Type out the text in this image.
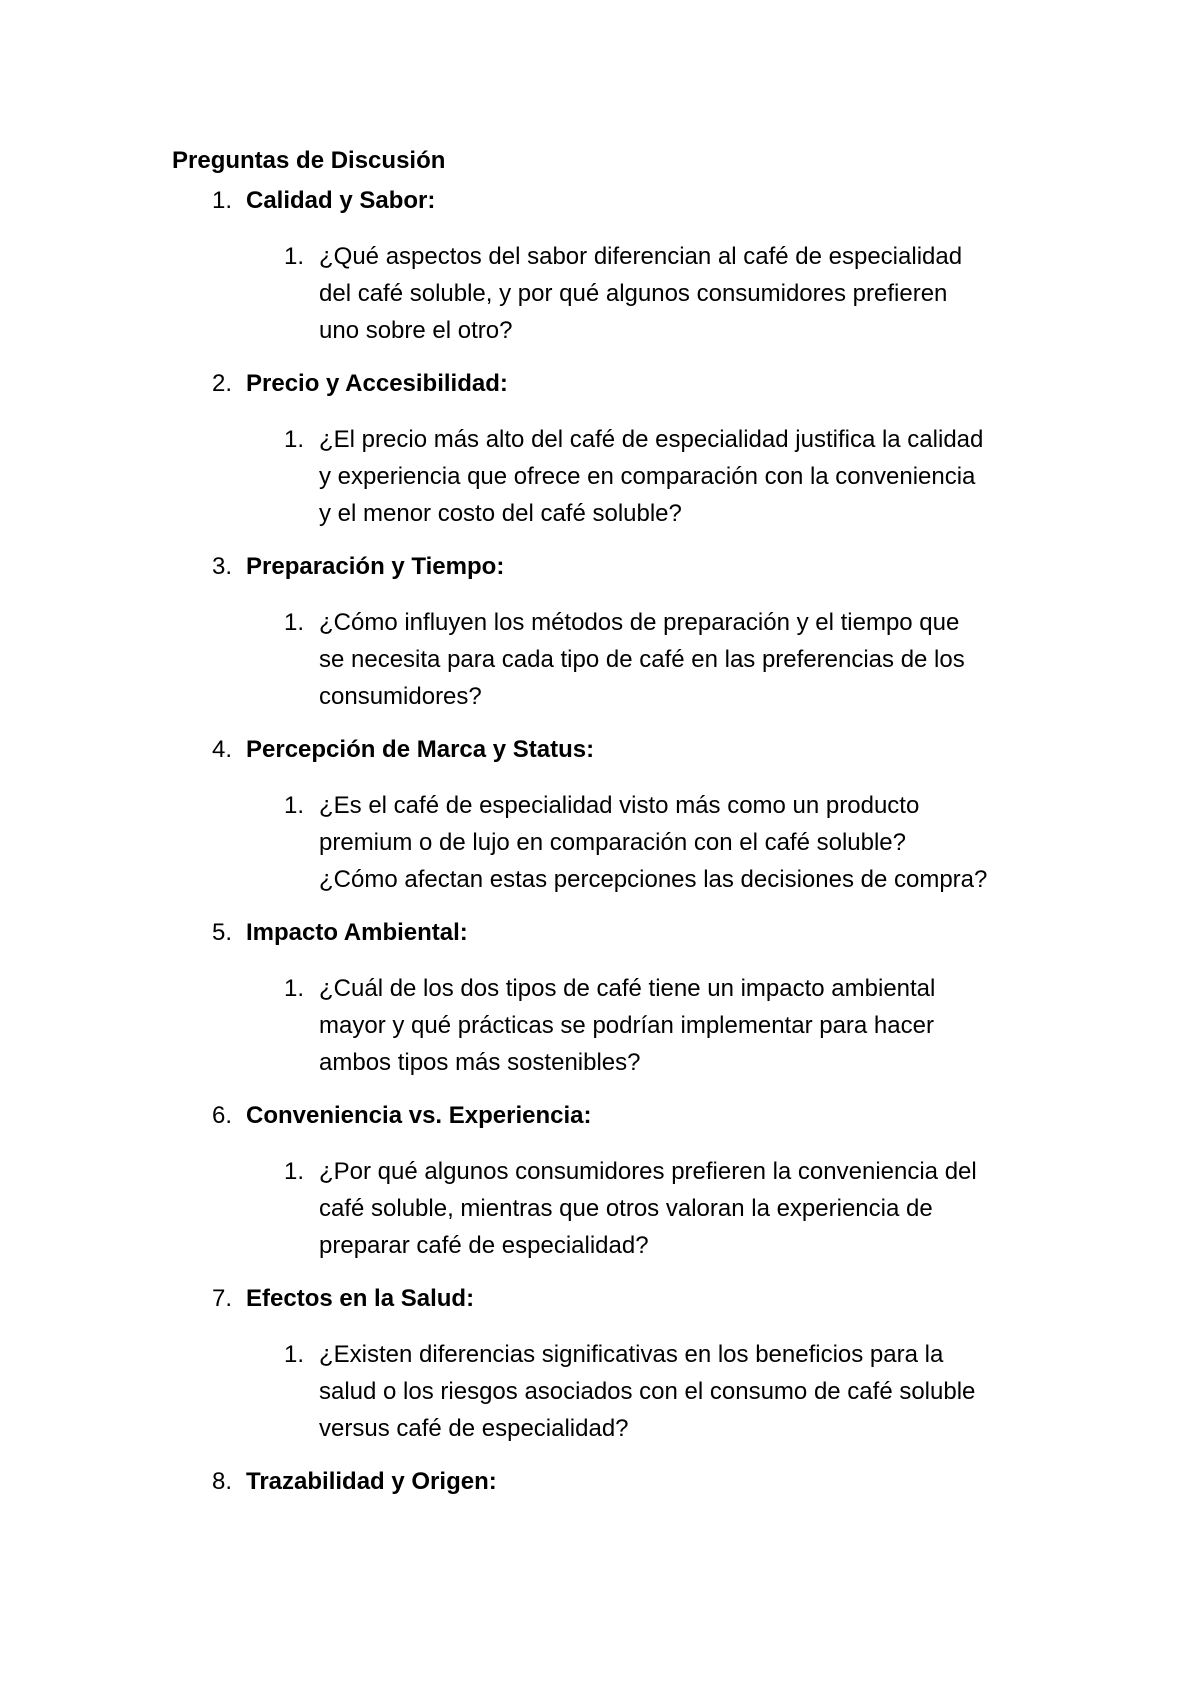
Preguntas de Discusión
1. Calidad y Sabor:
1. ¿Qué aspectos del sabor diferencian al café de especialidad
del café soluble, y por qué algunos consumidores prefieren
uno sobre el otro?
2. Precio y Accesibilidad:
1. ¿El precio más alto del café de especialidad justifica la calidad
y experiencia que ofrece en comparación con la conveniencia
y el menor costo del café soluble?
3. Preparación y Tiempo:
1. ¿Cómo influyen los métodos de preparación y el tiempo que
se necesita para cada tipo de café en las preferencias de los
consumidores?
4. Percepción de Marca y Status:
1. ¿Es el café de especialidad visto más como un producto
premium o de lujo en comparación con el café soluble?
¿Cómo afectan estas percepciones las decisiones de compra?
5. Impacto Ambiental:
1. ¿Cuál de los dos tipos de café tiene un impacto ambiental
mayor y qué prácticas se podrían implementar para hacer
ambos tipos más sostenibles?
6. Conveniencia vs. Experiencia:
1. ¿Por qué algunos consumidores prefieren la conveniencia del
café soluble, mientras que otros valoran la experiencia de
preparar café de especialidad?
7. Efectos en la Salud:
1. ¿Existen diferencias significativas en los beneficios para la
salud o los riesgos asociados con el consumo de café soluble
versus café de especialidad?
8. Trazabilidad y Origen:
